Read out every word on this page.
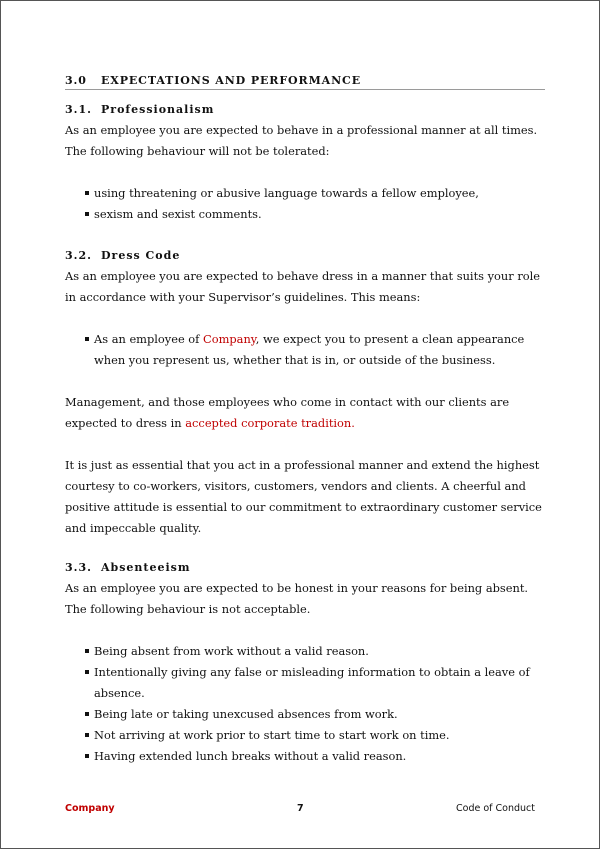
3.0 EXPECTATIONS AND PERFORMANCE
3.1. Professionalism

As an employee you are expected to behave in a professional manner at all times. The following behaviour will not be tolerated:

using threatening or abusive language towards a fellow employee,
sexism and sexist comments.
3.2. Dress Code

As an employee you are expected to behave dress in a manner that suits your role in accordance with your Supervisor’s guidelines. This means:

As an employee of Company, we expect you to present a clean appearance when you represent us, whether that is in, or outside of the business.

Management, and those employees who come in contact with our clients are expected to dress in accepted corporate tradition.

It is just as essential that you act in a professional manner and extend the highest courtesy to co-workers, visitors, customers, vendors and clients. A cheerful and positive attitude is essential to our commitment to extraordinary customer service and impeccable quality.

3.3. Absenteeism

As an employee you are expected to be honest in your reasons for being absent. The following behaviour is not acceptable.

Being absent from work without a valid reason.
Intentionally giving any false or misleading information to obtain a leave of absence.
Being late or taking unexcused absences from work.
Not arriving at work prior to start time to start work on time.
Having extended lunch breaks without a valid reason.
Company	7	Code of Conduct
